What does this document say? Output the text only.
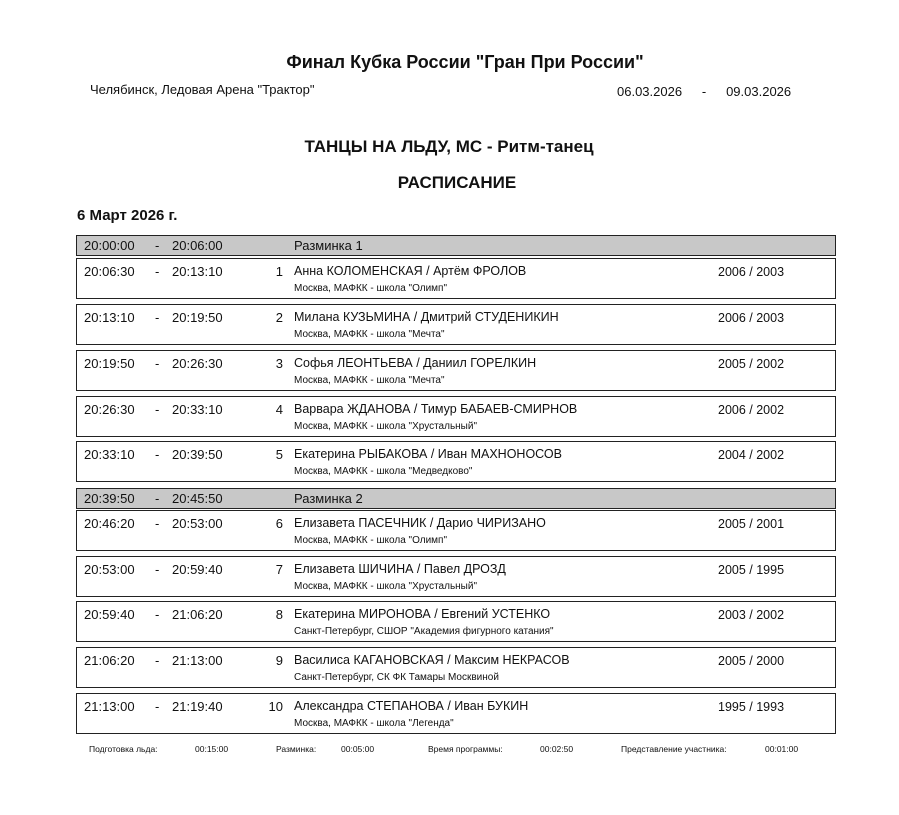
Финал Кубка России "Гран При России"
Челябинск, Ледовая Арена "Трактор"	06.03.2026 - 09.03.2026
ТАНЦЫ НА ЛЬДУ, МС - Ритм-танец
РАСПИСАНИЕ
6 Март 2026 г.
20:00:00 - 20:06:00	Разминка 1
20:06:30 - 20:13:10	1 Анна КОЛОМЕНСКАЯ / Артём ФРОЛОВ
Москва, МАФКК - школа "Олимп"
2006 / 2003
20:13:10 - 20:19:50	2 Милана КУЗЬМИНА / Дмитрий СТУДЕНИКИН
Москва, МАФКК - школа "Мечта"
2006 / 2003
20:19:50 - 20:26:30	3 Софья ЛЕОНТЬЕВА / Даниил ГОРЕЛКИН
Москва, МАФКК - школа "Мечта"
2005 / 2002
20:26:30 - 20:33:10	4 Варвара ЖДАНОВА / Тимур БАБАЕВ-СМИРНОВ
Москва, МАФКК - школа "Хрустальный"
2006 / 2002
20:33:10 - 20:39:50	5 Екатерина РЫБАКОВА / Иван МАХНОНОСОВ
Москва, МАФКК - школа "Медведково"
2004 / 2002
20:39:50 - 20:45:50	Разминка 2
20:46:20 - 20:53:00	6 Елизавета ПАСЕЧНИК / Дарио ЧИРИЗАНО
Москва, МАФКК - школа "Олимп"
2005 / 2001
20:53:00 - 20:59:40	7 Елизавета ШИЧИНА / Павел ДРОЗД
Москва, МАФКК - школа "Хрустальный"
2005 / 1995
20:59:40 - 21:06:20	8 Екатерина МИРОНОВА / Евгений УСТЕНКО
Санкт-Петербург, СШОР "Академия фигурного катания"
2003 / 2002
21:06:20 - 21:13:00	9 Василиса КАГАНОВСКАЯ / Максим НЕКРАСОВ
Санкт-Петербург, СК ФК Тамары Москвиной
2005 / 2000
21:13:00 - 21:19:40	10 Александра СТЕПАНОВА / Иван БУКИН
Москва, МАФКК - школа "Легенда"
1995 / 1993
Подготовка льда:	00:15:00	Разминка:	00:05:00	Время программы:	00:02:50	Представление участника:	00:01:00
